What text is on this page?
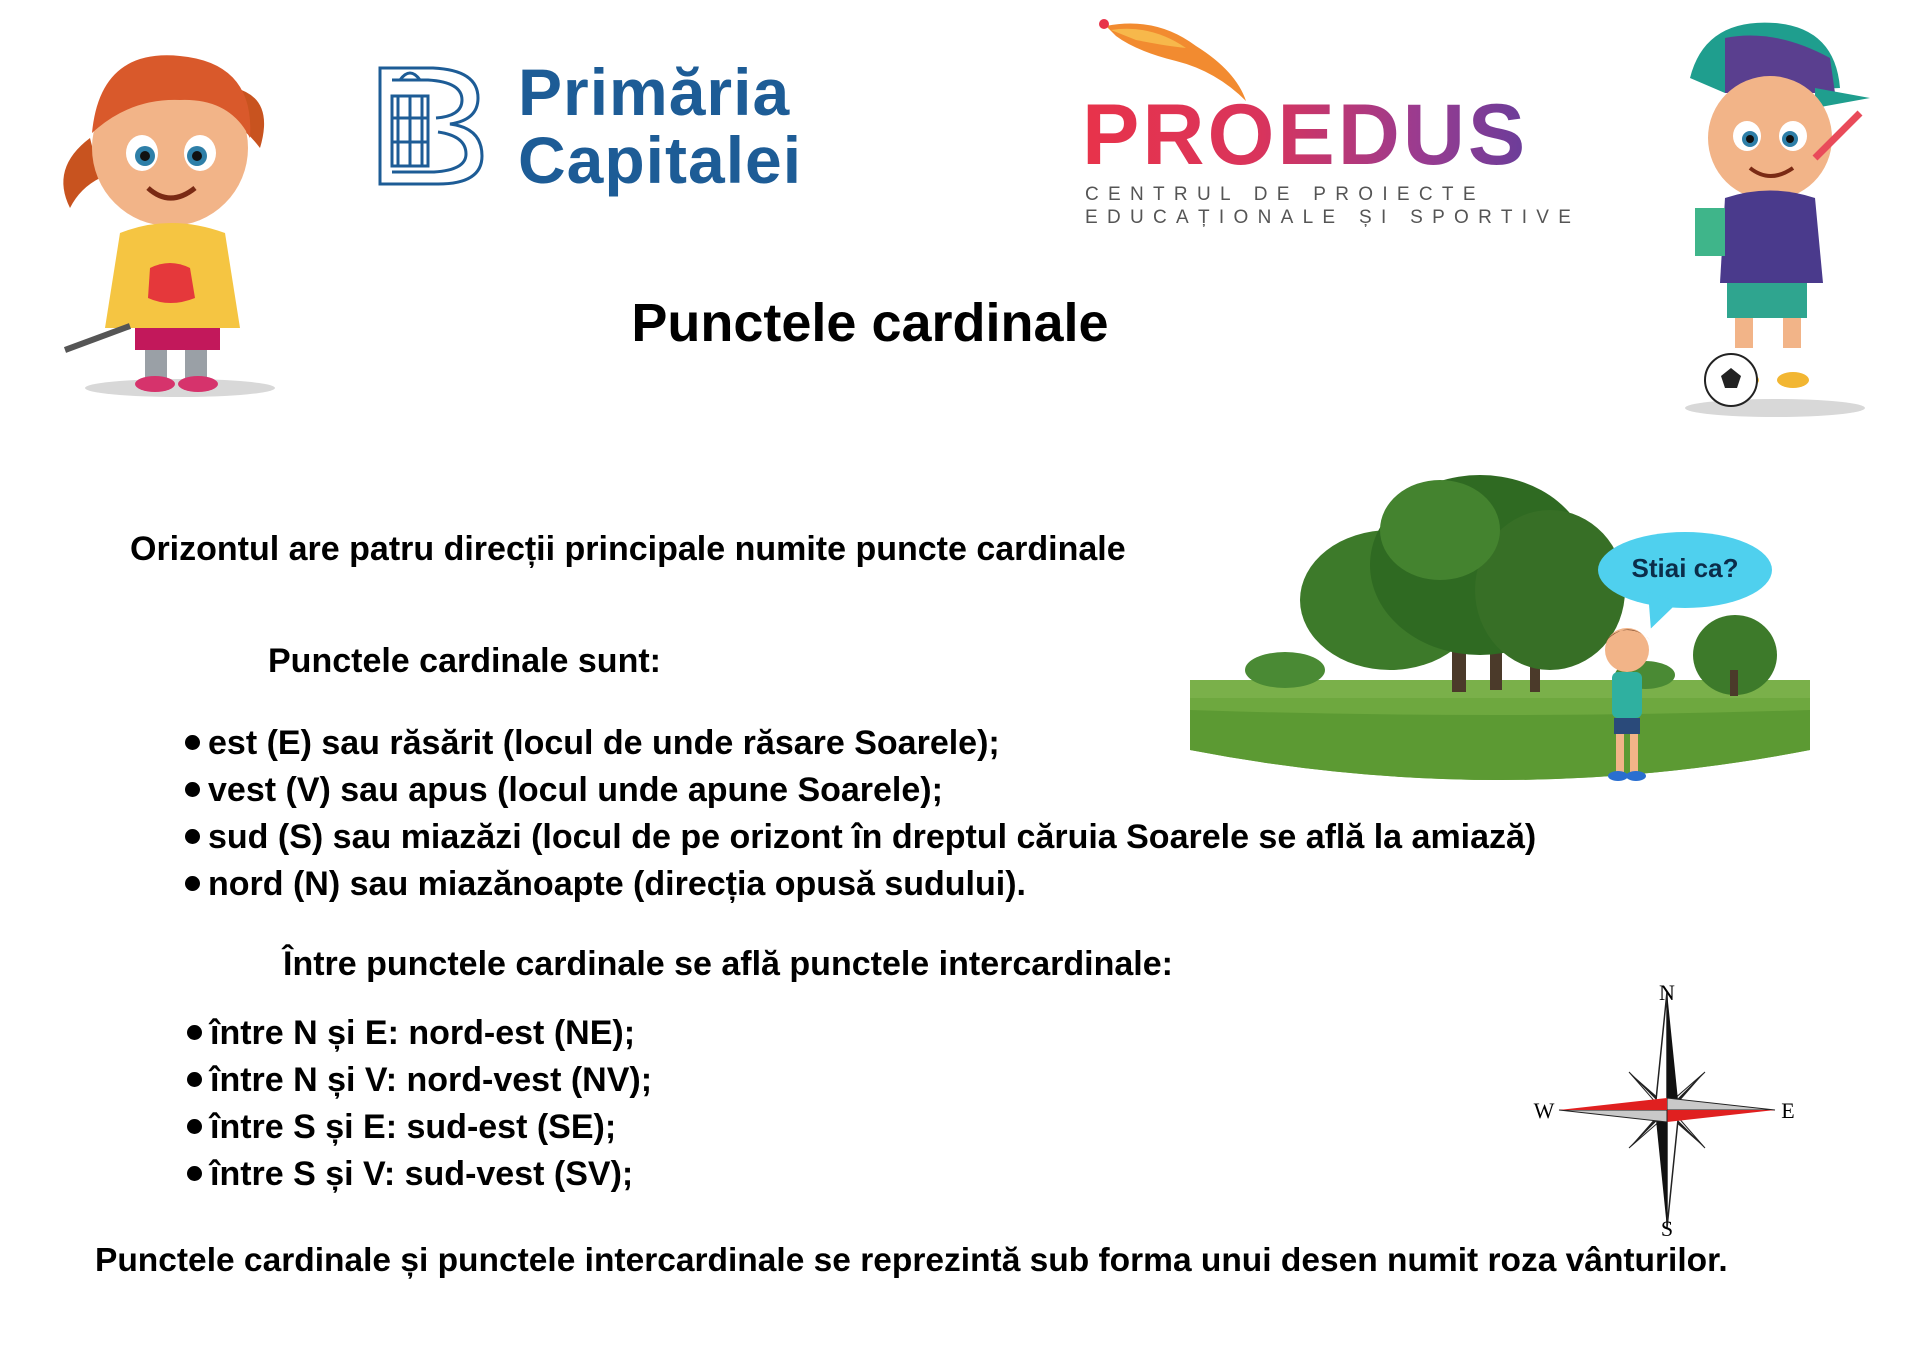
Primăria
Capitalei	PROEDUS
CENTRUL DE PROIECTE
EDUCAȚIONALE ȘI SPORTIVE
Punctele cardinale
Orizontul are patru direcții principale numite puncte cardinale	Stiai ca?
Punctele cardinale sunt:
est (E) sau răsărit (locul de unde răsare Soarele);
vest (V) sau apus (locul unde apune Soarele);
sud (S) sau miazăzi (locul de pe orizont în dreptul căruia Soarele se află la amiază)
nord (N) sau miazănoapte (direcția opusă sudului).
Între punctele cardinale se află punctele intercardinale:
între N și E: nord-est (NE);
între N și V: nord-vest (NV);
între S și E: sud-est (SE);
între S și V: sud-vest (SV);
N
S
E
W
Punctele cardinale și punctele intercardinale se reprezintă sub forma unui desen numit roza vânturilor.
